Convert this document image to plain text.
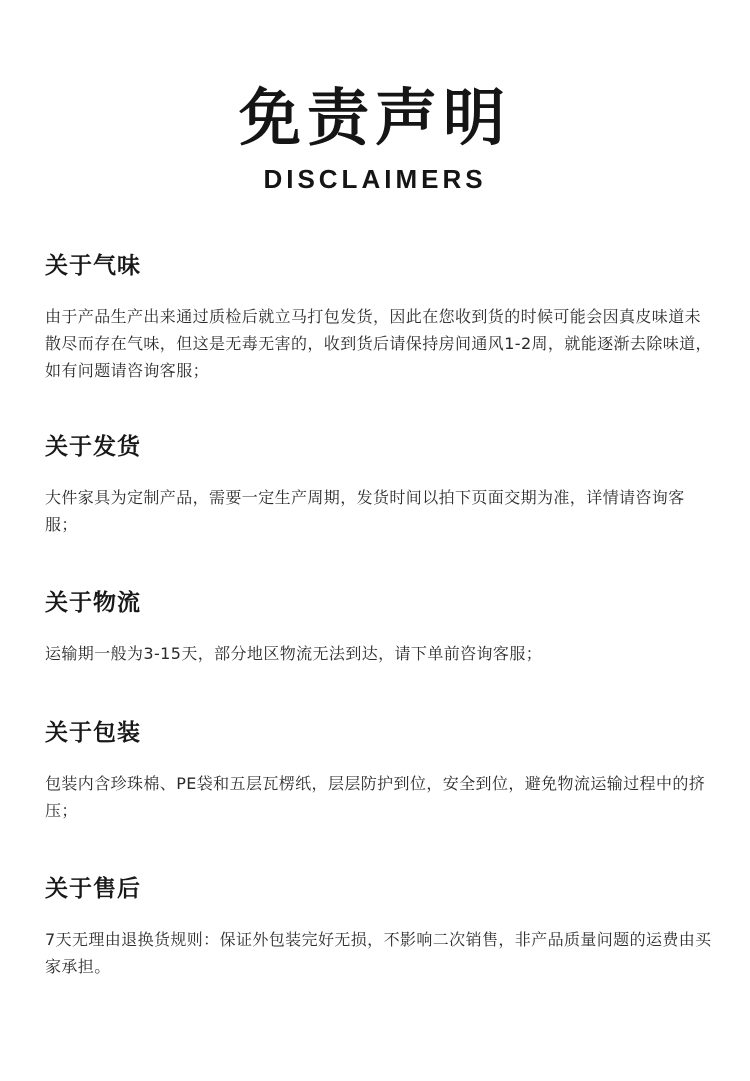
免责声明
DISCLAIMERS
关于气味
由于产品生产出来通过质检后就立马打包发货，因此在您收到货的时候可能会因真皮味道未散尽而存在气味，但这是无毒无害的，收到货后请保持房间通风1-2周，就能逐渐去除味道，如有问题请咨询客服；
关于发货
大件家具为定制产品，需要一定生产周期，发货时间以拍下页面交期为准，详情请咨询客服；
关于物流
运输期一般为3-15天，部分地区物流无法到达，请下单前咨询客服；
关于包装
包装内含珍珠棉、PE袋和五层瓦楞纸，层层防护到位，安全到位，避免物流运输过程中的挤压；
关于售后
7天无理由退换货规则：保证外包装完好无损，不影响二次销售，非产品质量问题的运费由买家承担。
